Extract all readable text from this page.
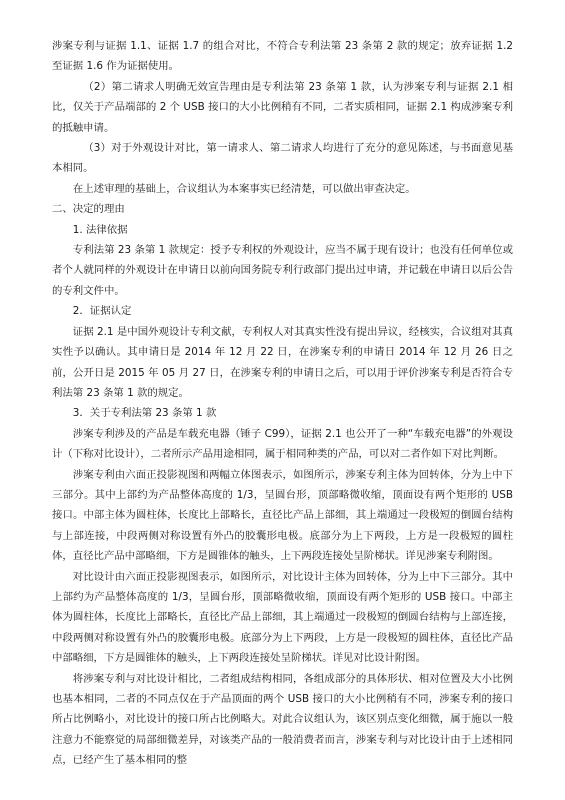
涉案专利与证据 1.1、证据 1.7 的组合对比，不符合专利法第 23 条第 2 款的规定；放弃证据 1.2 至证据 1.6 作为证据使用。

（2）第二请求人明确无效宣告理由是专利法第 23 条第 1 款，认为涉案专利与证据 2.1 相比，仅关于产品端部的 2 个 USB 接口的大小比例稍有不同，二者实质相同，证据 2.1 构成涉案专利的抵触申请。

（3）对于外观设计对比，第一请求人、第二请求人均进行了充分的意见陈述，与书面意见基本相同。

在上述审理的基础上，合议组认为本案事实已经清楚，可以做出审查决定。

二、决定的理由

1. 法律依据

专利法第 23 条第 1 款规定：授予专利权的外观设计，应当不属于现有设计；也没有任何单位或者个人就同样的外观设计在申请日以前向国务院专利行政部门提出过申请，并记载在申请日以后公告的专利文件中。

2．证据认定

证据 2.1 是中国外观设计专利文献，专利权人对其真实性没有提出异议，经核实，合议组对其真实性予以确认。其申请日是 2014 年 12 月 22 日，在涉案专利的申请日 2014 年 12 月 26 日之前，公开日是 2015 年 05 月 27 日，在涉案专利的申请日之后，可以用于评价涉案专利是否符合专利法第 23 条第 1 款的规定。

3．关于专利法第 23 条第 1 款

涉案专利涉及的产品是车载充电器（锤子 C99），证据 2.1 也公开了一种“车载充电器”的外观设计（下称对比设计），二者所示产品用途相同，属于相同种类的产品，可以对二者作如下对比判断。

涉案专利由六面正投影视图和两幅立体图表示，如图所示，涉案专利主体为回转体，分为上中下三部分。其中上部约为产品整体高度的 1/3，呈圆台形，顶部略微收缩，顶面设有两个矩形的 USB 接口。中部主体为圆柱体，长度比上部略长，直径比产品上部细，其上端通过一段极短的倒圆台结构与上部连接，中段两侧对称设置有外凸的胶囊形电极。底部分为上下两段，上方是一段极短的圆柱体，直径比产品中部略细，下方是圆锥体的触头，上下两段连接处呈阶梯状。详见涉案专利附图。

对比设计由六面正投影视图表示，如图所示，对比设计主体为回转体，分为上中下三部分。其中上部约为产品整体高度的 1/3，呈圆台形，顶部略微收缩，顶面设有两个矩形的 USB 接口。中部主体为圆柱体，长度比上部略长，直径比产品上部细，其上端通过一段极短的倒圆台结构与上部连接，中段两侧对称设置有外凸的胶囊形电极。底部分为上下两段，上方是一段极短的圆柱体，直径比产品中部略细，下方是圆锥体的触头，上下两段连接处呈阶梯状。详见对比设计附图。

将涉案专利与对比设计相比，二者组成结构相同，各组成部分的具体形状、相对位置及大小比例也基本相同，二者的不同点仅在于产品顶面的两个 USB 接口的大小比例稍有不同，涉案专利的接口所占比例略小，对比设计的接口所占比例略大。对此合议组认为，该区别点变化细微，属于施以一般注意力不能察觉的局部细微差异，对该类产品的一般消费者而言，涉案专利与对比设计由于上述相同点，已经产生了基本相同的整
